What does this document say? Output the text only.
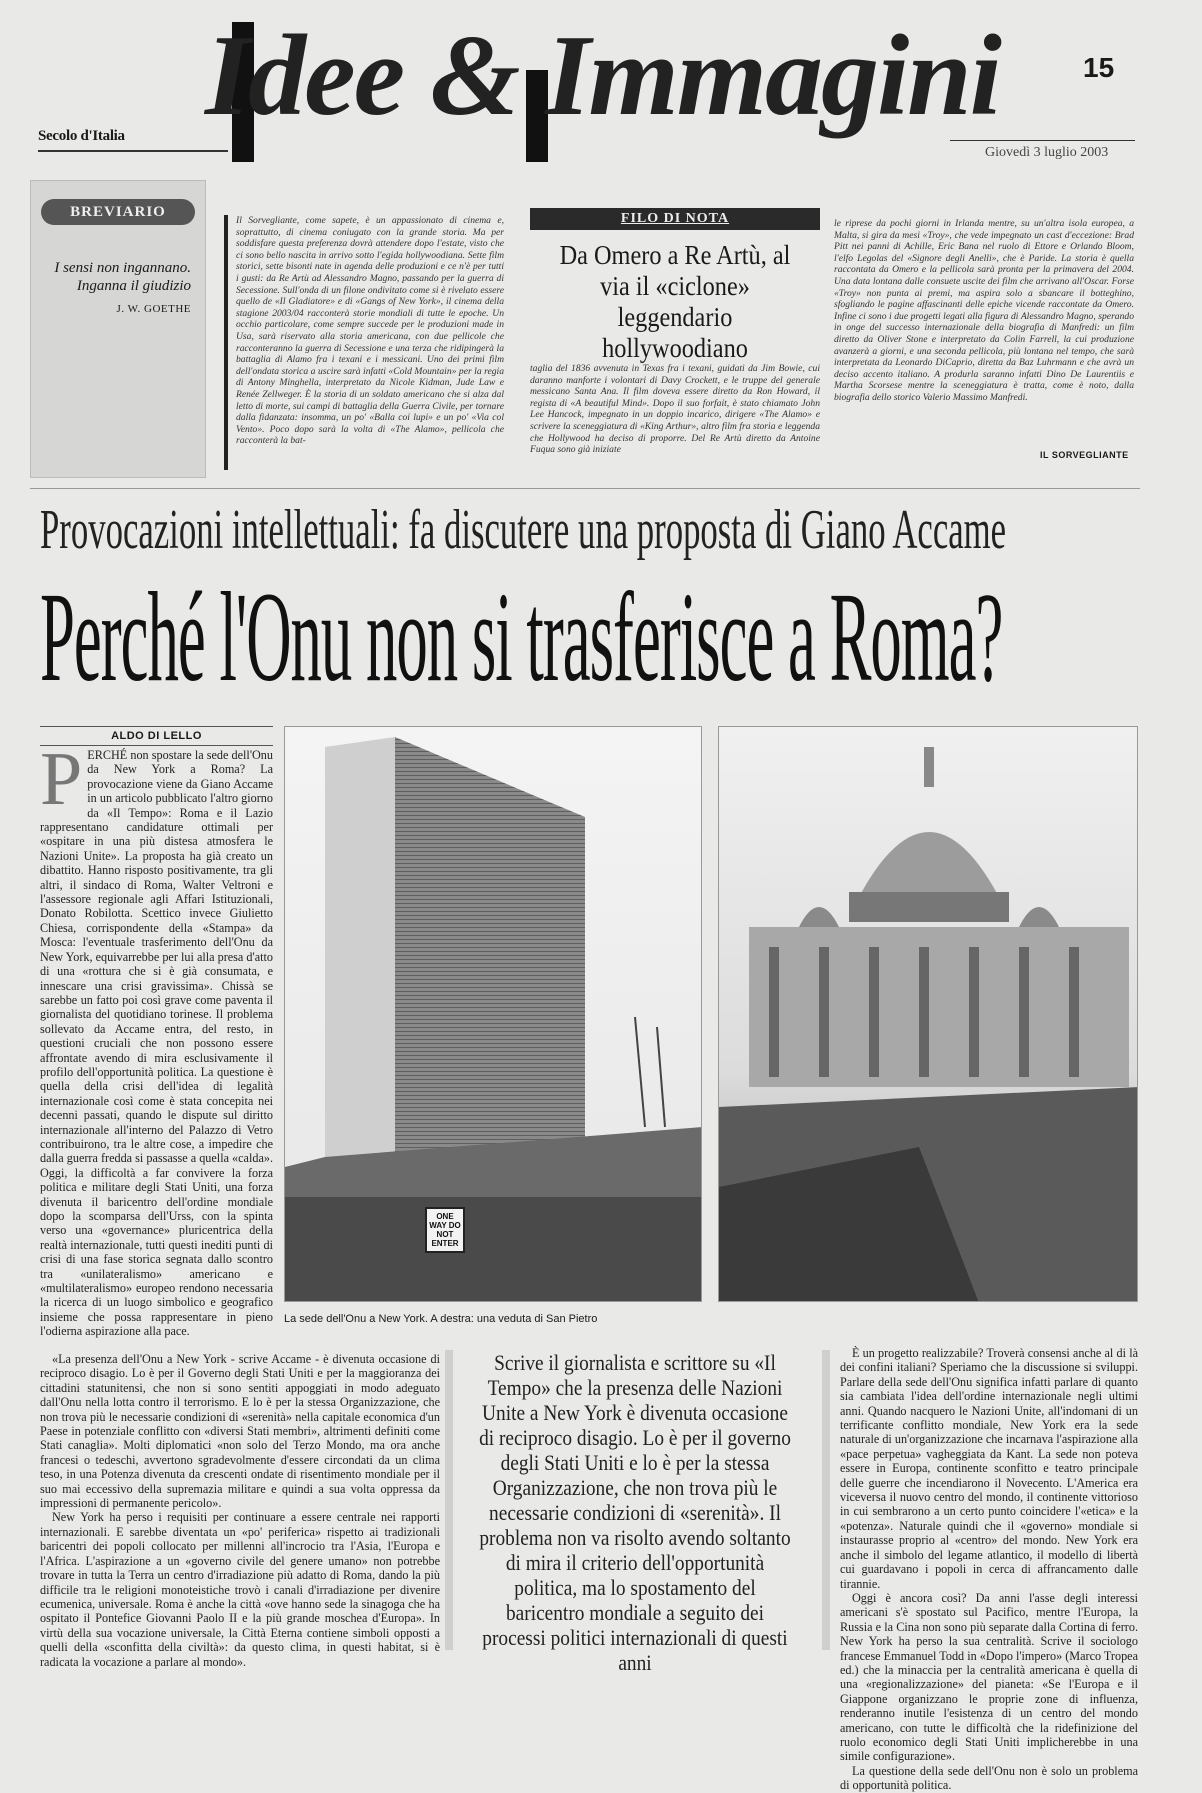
Secolo d'Italia Idee & Immagini	15
Giovedì 3 luglio 2003
BREVIARIO
I sensi non ingannano. Inganna il giudizio
J. W. GOETHE
Il Sorvegliante, come sapete, è un appassionato di cinema e, soprattutto, di cinema coniugato con la grande storia. Ma per soddisfare questa preferenza dovrà attendere dopo l'estate, visto che ci sono bello nascita in arrivo sotto l'egida hollywoodiana. Sette film storici, sette bisonti nate in agenda delle produzioni e ce n'è per tutti i gusti: da Re Artù ad Alessandro Magno, passando per la guerra di Secessione. Sull'onda di un filone ondivitato come si è rivelato essere quello de «Il Gladiatore» e di «Gangs of New York», il cinema della stagione 2003/04 racconterà storie mondiali di tutte le epoche. Un occhio particolare, come sempre succede per le produzioni made in Usa, sarà riservato alla storia americana, con due pellicole che racconteranno la guerra di Secessione e una terza che ridipingerà la battaglia di Alamo fra i texani e i messicani. Uno dei primi film dell'ondata storica a uscire sarà infatti «Cold Mountain» per la regia di Antony Minghella, interpretato da Nicole Kidman, Jude Law e Renée Zellweger. È la storia di un soldato americano che si alza dal letto di morte, sui campi di battaglia della Guerra Civile, per tornare dalla fidanzata: insomma, un po' «Balla coi lupi» e un po' «Via col Vento». Poco dopo sarà la volta di «The Alamo», pellicola che racconterà la bat-
FILO DI NOTA
Da Omero a Re Artù, al via il «ciclone» leggendario hollywoodiano
taglia del 1836 avvenuta in Texas fra i texani, guidati da Jim Bowie, cui daranno manforte i volontari di Davy Crockett, e le truppe del generale messicano Santa Ana. Il film doveva essere diretto da Ron Howard, il regista di «A beautiful Mind». Dopo il suo forfait, è stato chiamato John Lee Hancock, impegnato in un doppio incarico, dirigere «The Alamo» e scrivere la sceneggiatura di «King Arthur», altro film fra storia e leggenda che Hollywood ha deciso di proporre. Del Re Artù diretto da Antoine Fuqua sono già iniziate
le riprese da pochi giorni in Irlanda mentre, su un'altra isola europea, a Malta, si gira da mesi «Troy», che vede impegnato un cast d'eccezione: Brad Pitt nei panni di Achille, Eric Bana nel ruolo di Ettore e Orlando Bloom, l'elfo Legolas del «Signore degli Anelli», che è Paride. La storia è quella raccontata da Omero e la pellicola sarà pronta per la primavera del 2004. Una data lontana dalle consuete uscite dei film che arrivano all'Oscar. Forse «Troy» non punta ai premi, ma aspira solo a sbancare il botteghino, sfogliando le pagine affascinanti delle epiche vicende raccontate da Omero. Infine ci sono i due progetti legati alla figura di Alessandro Magno, sperando in onge del successo internazionale della biografia di Manfredi: un film diretto da Oliver Stone e interpretato da Colin Farrell, la cui produzione avanzerà a giorni, e una seconda pellicola, più lontana nel tempo, che sarà interpretata da Leonardo DiCaprio, diretta da Baz Luhrmann e che avrà un deciso accento italiano. A produrla saranno infatti Dino De Laurentiis e Martha Scorsese mentre la sceneggiatura è tratta, come è noto, dalla biografia dello storico Valerio Massimo Manfredi.
IL SORVEGLIANTE
Provocazioni intellettuali: fa discutere una proposta di Giano Accame
Perché l'Onu non si trasferisce a Roma?
ALDO DI LELLO
P ERCHÉ non spostare la sede dell'Onu da New York a Roma? La provocazione viene da Giano Accame in un articolo pubblicato l'altro giorno da «Il Tempo»: Roma e il Lazio rappresentano candidature ottimali per «ospitare in una più distesa atmosfera le Nazioni Unite». La proposta ha già creato un dibattito. Hanno risposto positivamente, tra gli altri, il sindaco di Roma, Walter Veltroni e l'assessore regionale agli Affari Istituzionali, Donato Robilotta. Scettico invece Giulietto Chiesa, corrispondente della «Stampa» da Mosca: l'eventuale trasferimento dell'Onu da New York, equivarrebbe per lui alla presa d'atto di una «rottura che si è già consumata, e innescare una crisi gravissima». Chissà se sarebbe un fatto poi così grave come paventa il giornalista del quotidiano torinese. Il problema sollevato da Accame entra, del resto, in questioni cruciali che non possono essere affrontate avendo di mira esclusivamente il profilo dell'opportunità politica. La questione è quella della crisi dell'idea di legalità internazionale così come è stata concepita nei decenni passati, quando le dispute sul diritto internazionale all'interno del Palazzo di Vetro contribuirono, tra le altre cose, a impedire che dalla guerra fredda si passasse a quella «calda». Oggi, la difficoltà a far convivere la forza politica e militare degli Stati Uniti, una forza divenuta il baricentro dell'ordine mondiale dopo la scomparsa dell'Urss, con la spinta verso una «governance» pluricentrica della realtà internazionale, tutti questi inediti punti di crisi di una fase storica segnata dallo scontro tra «unilateralismo» americano e «multilateralismo» europeo rendono necessaria la ricerca di un luogo simbolico e geografico insieme che possa rappresentare in pieno l'odierna aspirazione alla pace.
ONE WAY DO NOT ENTER
La sede dell'Onu a New York. A destra: una veduta di San Pietro

«La presenza dell'Onu a New York - scrive Accame - è divenuta occasione di reciproco disagio. Lo è per il Governo degli Stati Uniti e per la maggioranza dei cittadini statunitensi, che non si sono sentiti appoggiati in modo adeguato dall'Onu nella lotta contro il terrorismo. E lo è per la stessa Organizzazione, che non trova più le necessarie condizioni di «serenità» nella capitale economica d'un Paese in potenziale conflitto con «diversi Stati membri», altrimenti definiti come Stati canaglia». Molti diplomatici «non solo del Terzo Mondo, ma ora anche francesi o tedeschi, avvertono sgradevolmente d'essere circondati da un clima teso, in una Potenza divenuta da crescenti ondate di risentimento mondiale per il suo mai eccessivo della supremazia militare e quindi a sua volta oppressa da impressioni di permanente pericolo».

New York ha perso i requisiti per continuare a essere centrale nei rapporti internazionali. E sarebbe diventata un «po' periferica» rispetto ai tradizionali baricentri dei popoli collocato per millenni all'incrocio tra l'Asia, l'Europa e l'Africa. L'aspirazione a un «governo civile del genere umano» non potrebbe trovare in tutta la Terra un centro d'irradiazione più adatto di Roma, dando la più difficile tra le religioni monoteistiche trovò i canali d'irradiazione per divenire ecumenica, universale. Roma è anche la città «ove hanno sede la sinagoga che ha ospitato il Pontefice Giovanni Paolo II e la più grande moschea d'Europa». In virtù della sua vocazione universale, la Città Eterna contiene simboli opposti a quelli della «sconfitta della civiltà»: da questo clima, in questi habitat, si è radicata la vocazione a parlare al mondo».

Scrive il giornalista e scrittore su «Il Tempo» che la presenza delle Nazioni Unite a New York è divenuta occasione di reciproco disagio. Lo è per il governo degli Stati Uniti e lo è per la stessa Organizzazione, che non trova più le necessarie condizioni di «serenità». Il problema non va risolto avendo soltanto di mira il criterio dell'opportunità politica, ma lo spostamento del baricentro mondiale a seguito dei processi politici internazionali di questi anni

È un progetto realizzabile? Troverà consensi anche al di là dei confini italiani? Speriamo che la discussione si sviluppi. Parlare della sede dell'Onu significa infatti parlare di quanto sia cambiata l'idea dell'ordine internazionale negli ultimi anni. Quando nacquero le Nazioni Unite, all'indomani di un terrificante conflitto mondiale, New York era la sede naturale di un'organizzazione che incarnava l'aspirazione alla «pace perpetua» vagheggiata da Kant. La sede non poteva essere in Europa, continente sconfitto e teatro principale delle guerre che incendiarono il Novecento. L'America era viceversa il nuovo centro del mondo, il continente vittorioso in cui sembrarono a un certo punto coincidere l'«etica» e la «potenza». Naturale quindi che il «governo» mondiale si instaurasse proprio al «centro» del mondo. New York era anche il simbolo del legame atlantico, il modello di libertà cui guardavano i popoli in cerca di affrancamento dalle tirannie.

Oggi è ancora così? Da anni l'asse degli interessi americani s'è spostato sul Pacifico, mentre l'Europa, la Russia e la Cina non sono più separate dalla Cortina di ferro. New York ha perso la sua centralità. Scrive il sociologo francese Emmanuel Todd in «Dopo l'impero» (Marco Tropea ed.) che la minaccia per la centralità americana è quella di una «regionalizzazione» del pianeta: «Se l'Europa e il Giappone organizzano le proprie zone di influenza, renderanno inutile l'esistenza di un centro del mondo americano, con tutte le difficoltà che la ridefinizione del ruolo economico degli Stati Uniti implicherebbe in una simile configurazione».

La questione della sede dell'Onu non è solo un problema di opportunità politica.
